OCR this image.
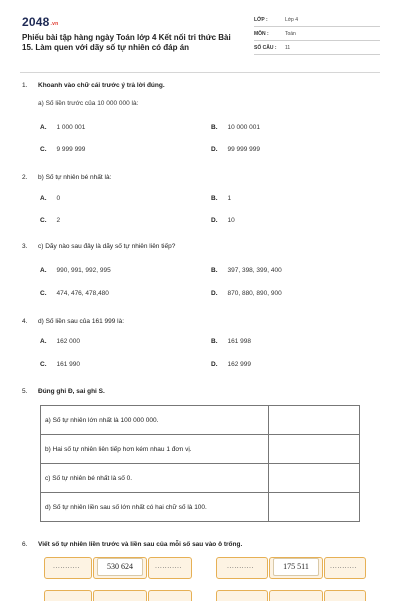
2048.vn
Phiếu bài tập hàng ngày Toán lớp 4 Kết nối tri thức Bài 15. Làm quen với dãy số tự nhiên có đáp án
LỚP :	Lớp 4
MÔN :	Toán
SỐ CÂU : 11
1. Khoanh vào chữ cái trước ý trả lời đúng.
a) Số liền trước của 10 000 000 là:
A. 1 000 001	B. 10 000 001
C. 9 999 999	D. 99 999 999
2. b) Số tự nhiên bé nhất là:
A. 0	B. 1
C. 2	D. 10
3. c) Dãy nào sau đây là dãy số tự nhiên liên tiếp?
A. 990, 991, 992, 995	B. 397, 398, 399, 400
C. 474, 476, 478,480	D. 870, 880, 890, 900
4. d) Số liền sau của 161 999 là:
A. 162 000	B. 161 998
C. 161 990	D. 162 999
5. Đúng ghi Đ, sai ghi S.
a) Số tự nhiên lớn nhất là 100 000 000.	
b) Hai số tự nhiên liên tiếp hơn kém nhau 1 đơn vị.	
c) Số tự nhiên bé nhất là số 0.	
d) Số tự nhiên liền sau số lớn nhất có hai chữ số là 100.	
6. Viết số tự nhiên liền trước và liền sau của mỗi số sau vào ô trống.
...........	530 624	...........	...........	175 511	...........
